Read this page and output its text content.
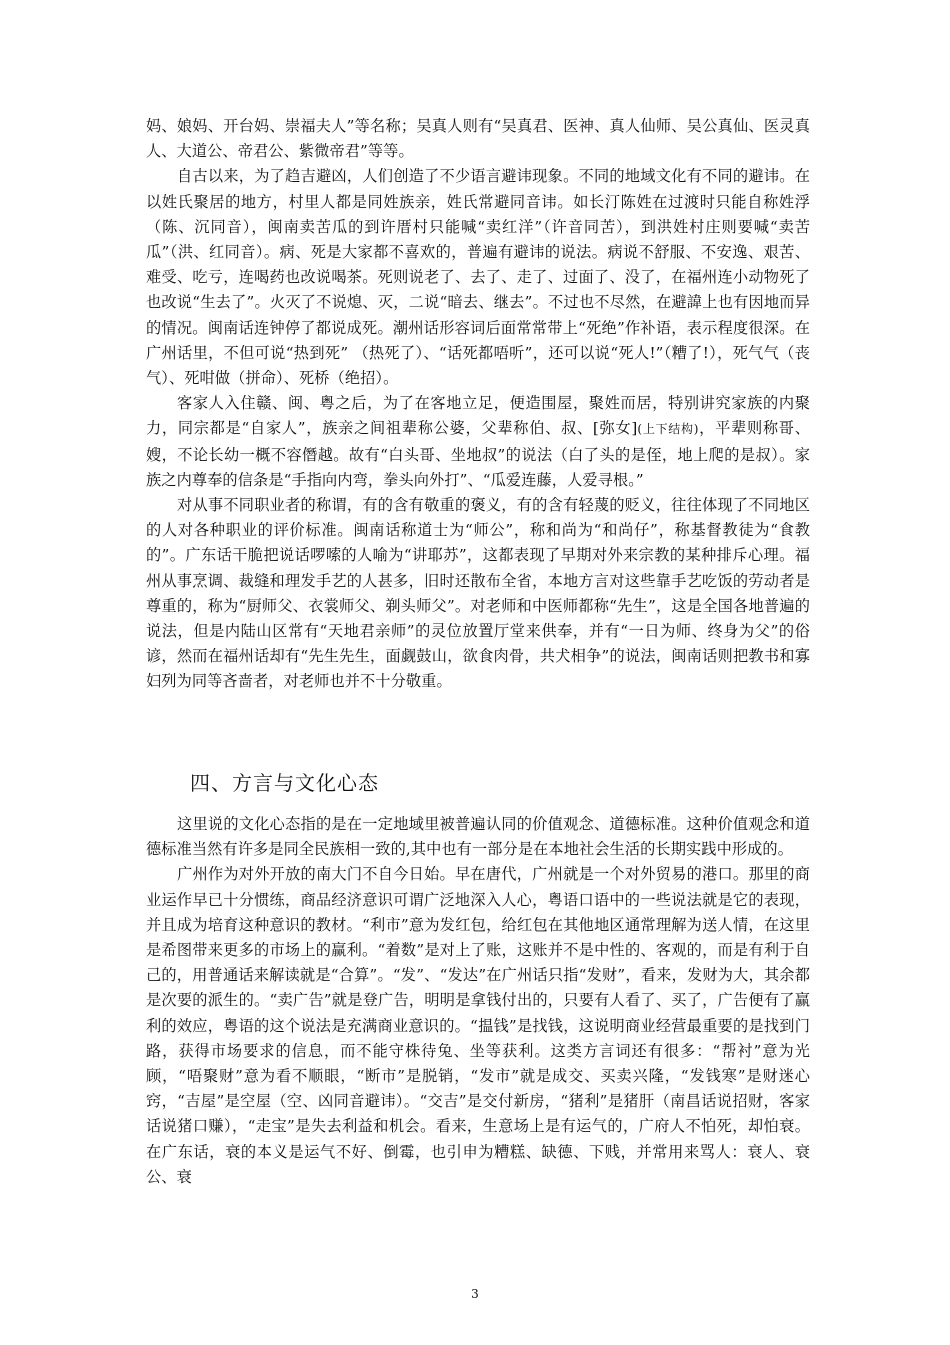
妈、娘妈、开台妈、崇福夫人”等名称；吴真人则有“吴真君、医神、真人仙师、吴公真仙、医灵真人、大道公、帝君公、紫微帝君”等等。

自古以来，为了趋吉避凶，人们创造了不少语言避讳现象。不同的地域文化有不同的避讳。在以姓氏聚居的地方，村里人都是同姓族亲，姓氏常避同音讳。如长汀陈姓在过渡时只能自称姓浮（陈、沉同音），闽南卖苦瓜的到许厝村只能喊“卖红洋”（许音同苦），到洪姓村庄则要喊“卖苦瓜”（洪、红同音）。病、死是大家都不喜欢的，普遍有避讳的说法。病说不舒服、不安逸、艰苦、难受、吃亏，连喝药也改说喝茶。死则说老了、去了、走了、过面了、没了，在福州连小动物死了也改说“生去了”。火灭了不说熄、灭，二说“暗去、继去”。不过也不尽然，在避諱上也有因地而异的情况。闽南话连钟停了都说成死。潮州话形容词后面常常带上“死绝”作补语，表示程度很深。在广州话里，不但可说“热到死” （热死了）、“话死都唔听”，还可以说“死人!”（糟了!），死气气（丧气）、死咁做（拼命）、死桥（绝招）。

客家人入住赣、闽、粤之后，为了在客地立足，便造围屋，聚姓而居，特别讲究家族的内聚力，同宗都是“自家人”，族亲之间祖辈称公婆，父辈称伯、叔、[弥女](上下结构)，平辈则称哥、嫂，不论长幼一概不容僭越。故有“白头哥、坐地叔”的说法（白了头的是侄，地上爬的是叔）。家族之内尊奉的信条是“手指向内弯，拳头向外打”、“瓜爱连藤，人爱寻根。”

对从事不同职业者的称谓，有的含有敬重的褒义，有的含有轻蔑的贬义，往往体现了不同地区的人对各种职业的评价标准。闽南话称道士为“师公”，称和尚为“和尚仔”，称基督教徒为“食教的”。广东话干脆把说话啰嗦的人喻为“讲耶苏”，这都表现了早期对外来宗教的某种排斥心理。福州从事烹调、裁缝和理发手艺的人甚多，旧时还散布全省，本地方言对这些靠手艺吃饭的劳动者是尊重的，称为“厨师父、衣裳师父、剃头师父”。对老师和中医师都称“先生”，这是全国各地普遍的说法，但是内陆山区常有“天地君亲师”的灵位放置厅堂来供奉，并有“一日为师、终身为父”的俗谚，然而在福州话却有“先生先生，面觑鼓山，欲食肉骨，共犬相争”的说法，闽南话则把教书和寡妇列为同等吝啬者，对老师也并不十分敬重。

四、方言与文化心态

这里说的文化心态指的是在一定地域里被普遍认同的价值观念、道德标准。这种价值观念和道德标准当然有许多是同全民族相一致的,其中也有一部分是在本地社会生活的长期实践中形成的。

广州作为对外开放的南大门不自今日始。早在唐代，广州就是一个对外贸易的港口。那里的商业运作早已十分惯练，商品经济意识可谓广泛地深入人心，粤语口语中的一些说法就是它的表现，并且成为培育这种意识的教材。“利市”意为发红包，给红包在其他地区通常理解为送人情，在这里是希图带来更多的市场上的赢利。“着数”是对上了账，这账并不是中性的、客观的，而是有利于自己的，用普通话来解读就是“合算”。“发”、“发达”在广州话只指“发财”，看来，发财为大，其余都是次要的派生的。“卖广告”就是登广告，明明是拿钱付出的，只要有人看了、买了，广告便有了赢利的效应，粤语的这个说法是充满商业意识的。“揾钱”是找钱，这说明商业经营最重要的是找到门路，获得市场要求的信息，而不能守株待兔、坐等获利。这类方言词还有很多：“帮衬”意为光顾，“唔聚财”意为看不顺眼，“断市”是脱销，“发市”就是成交、买卖兴隆，“发钱寒”是财迷心窍，“吉屋”是空屋（空、凶同音避讳）。“交吉”是交付新房，“猪利”是猪肝（南昌话说招财，客家话说猪口赚），“走宝”是失去利益和机会。看来，生意场上是有运气的，广府人不怕死，却怕衰。在广东话，衰的本义是运气不好、倒霉，也引申为糟糕、缺德、下贱，并常用来骂人：衰人、衰公、衰

3
